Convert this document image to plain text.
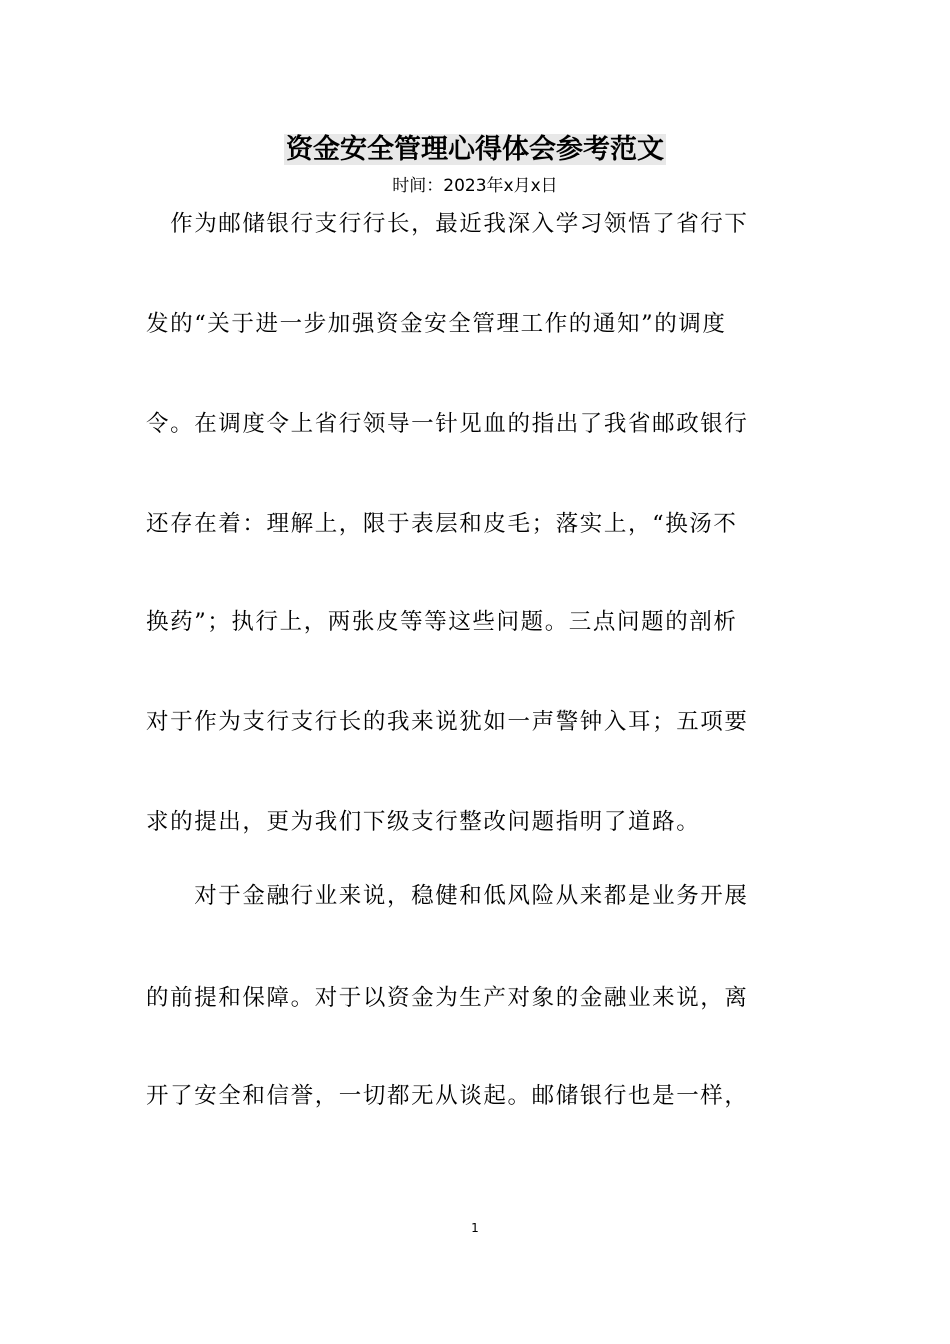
资金安全管理心得体会参考范文

时间：2023年x月x日

　作为邮储银行支行行长，最近我深入学习领悟了省行下

发的“关于进一步加强资金安全管理工作的通知”的调度

令。在调度令上省行领导一针见血的指出了我省邮政银行

还存在着：理解上，限于表层和皮毛；落实上，“换汤不

换药”；执行上，两张皮等等这些问题。三点问题的剖析

对于作为支行支行长的我来说犹如一声警钟入耳；五项要

求的提出，更为我们下级支行整改问题指明了道路。

　　对于金融行业来说，稳健和低风险从来都是业务开展

的前提和保障。对于以资金为生产对象的金融业来说，离

开了安全和信誉，一切都无从谈起。邮储银行也是一样，

1
